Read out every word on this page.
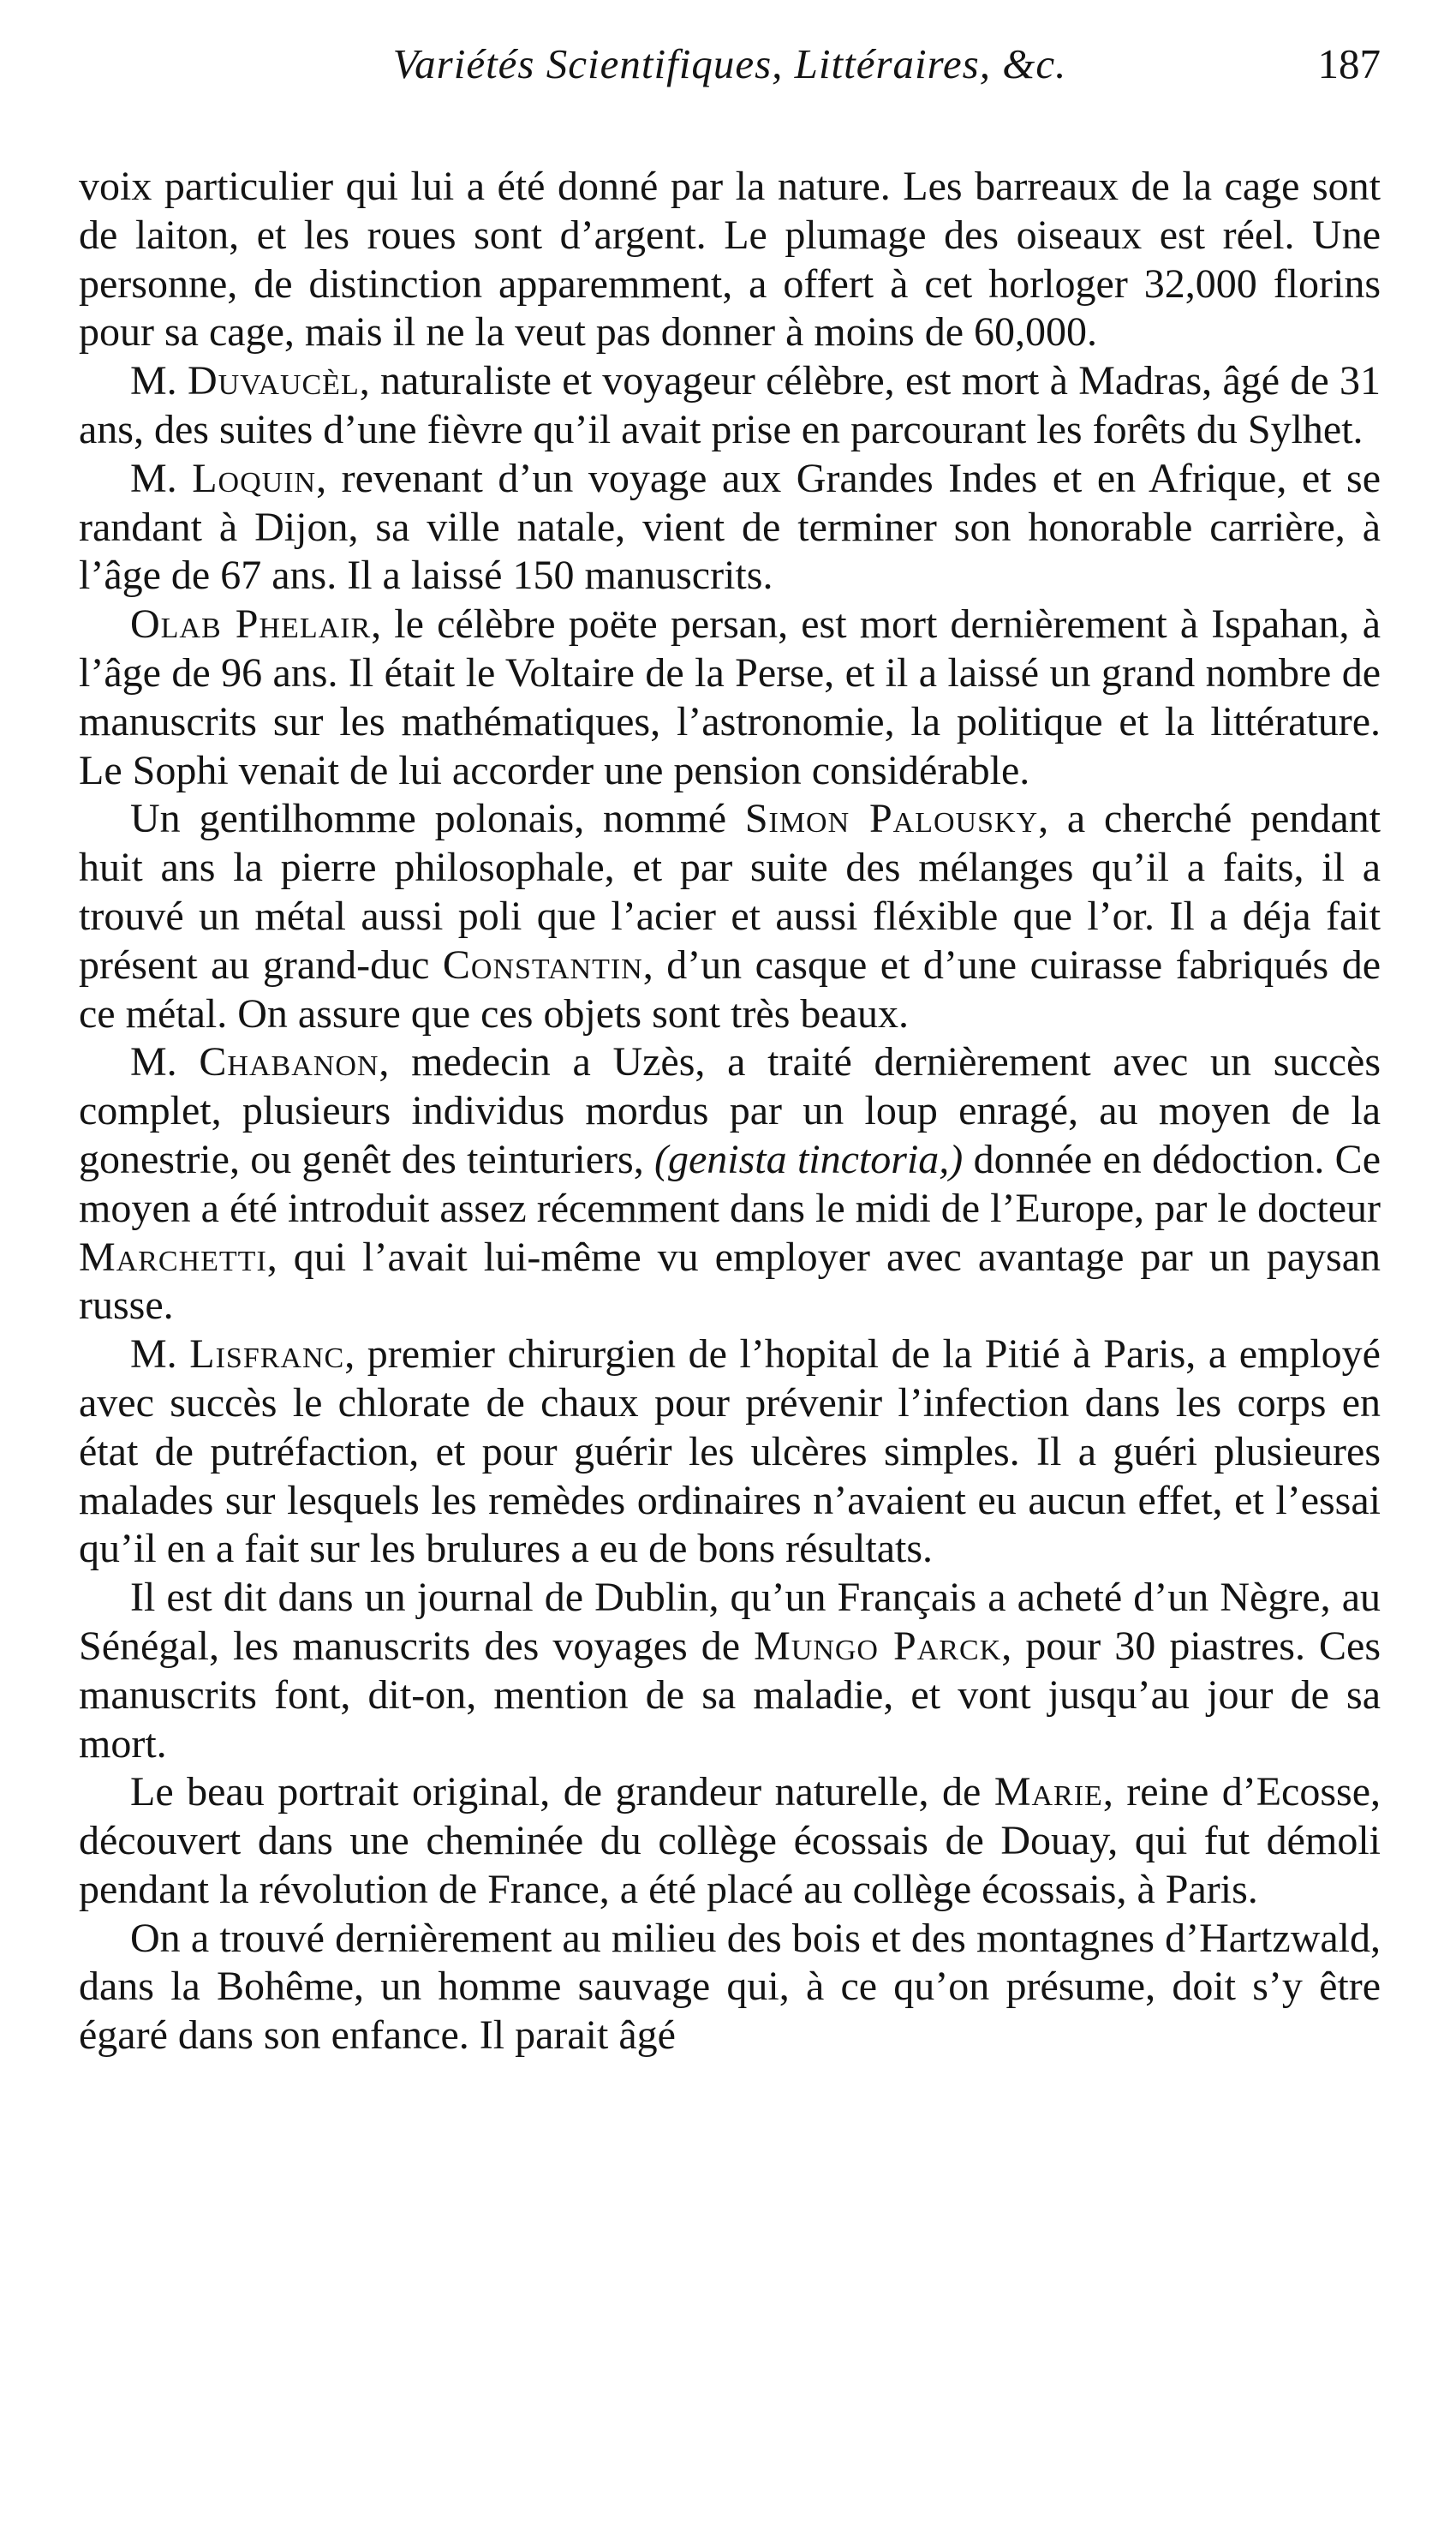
Variétés Scientifiques, Littéraires, &c.	187

voix particulier qui lui a été donné par la nature. Les barreaux de la cage sont de laiton, et les roues sont d’argent. Le plumage des oiseaux est réel. Une personne, de distinction apparemment, a offert à cet horloger 32,000 florins pour sa cage, mais il ne la veut pas donner à moins de 60,000.

M. Duvaucèl, naturaliste et voyageur célèbre, est mort à Madras, âgé de 31 ans, des suites d’une fièvre qu’il avait prise en parcourant les forêts du Sylhet.

M. Loquin, revenant d’un voyage aux Grandes Indes et en Afrique, et se randant à Dijon, sa ville natale, vient de terminer son honorable carrière, à l’âge de 67 ans. Il a laissé 150 manuscrits.

Olab Phelair, le célèbre poëte persan, est mort dernièrement à Ispahan, à l’âge de 96 ans. Il était le Voltaire de la Perse, et il a laissé un grand nombre de manuscrits sur les mathématiques, l’astronomie, la politique et la littérature. Le Sophi venait de lui accorder une pension considérable.

Un gentilhomme polonais, nommé Simon Palousky, a cherché pendant huit ans la pierre philosophale, et par suite des mélanges qu’il a faits, il a trouvé un métal aussi poli que l’acier et aussi fléxible que l’or. Il a déja fait présent au grand-duc Constantin, d’un casque et d’une cuirasse fabriqués de ce métal. On assure que ces objets sont très beaux.

M. Chabanon, medecin a Uzès, a traité dernièrement avec un succès complet, plusieurs individus mordus par un loup enragé, au moyen de la gonestrie, ou genêt des teinturiers, (genista tinctoria,) donnée en dédoction. Ce moyen a été introduit assez récemment dans le midi de l’Europe, par le docteur Marchetti, qui l’avait lui-même vu employer avec avantage par un paysan russe.

M. Lisfranc, premier chirurgien de l’hopital de la Pitié à Paris, a employé avec succès le chlorate de chaux pour prévenir l’infection dans les corps en état de putréfaction, et pour guérir les ulcères simples. Il a guéri plusieures malades sur lesquels les remèdes ordinaires n’avaient eu aucun effet, et l’essai qu’il en a fait sur les brulures a eu de bons résultats.

Il est dit dans un journal de Dublin, qu’un Français a acheté d’un Nègre, au Sénégal, les manuscrits des voyages de Mungo Parck, pour 30 piastres. Ces manuscrits font, dit-on, mention de sa maladie, et vont jusqu’au jour de sa mort.

Le beau portrait original, de grandeur naturelle, de Marie, reine d’Ecosse, découvert dans une cheminée du collège écossais de Douay, qui fut démoli pendant la révolution de France, a été placé au collège écossais, à Paris.

On a trouvé dernièrement au milieu des bois et des montagnes d’Hartzwald, dans la Bohême, un homme sauvage qui, à ce qu’on présume, doit s’y être égaré dans son enfance. Il parait âgé
